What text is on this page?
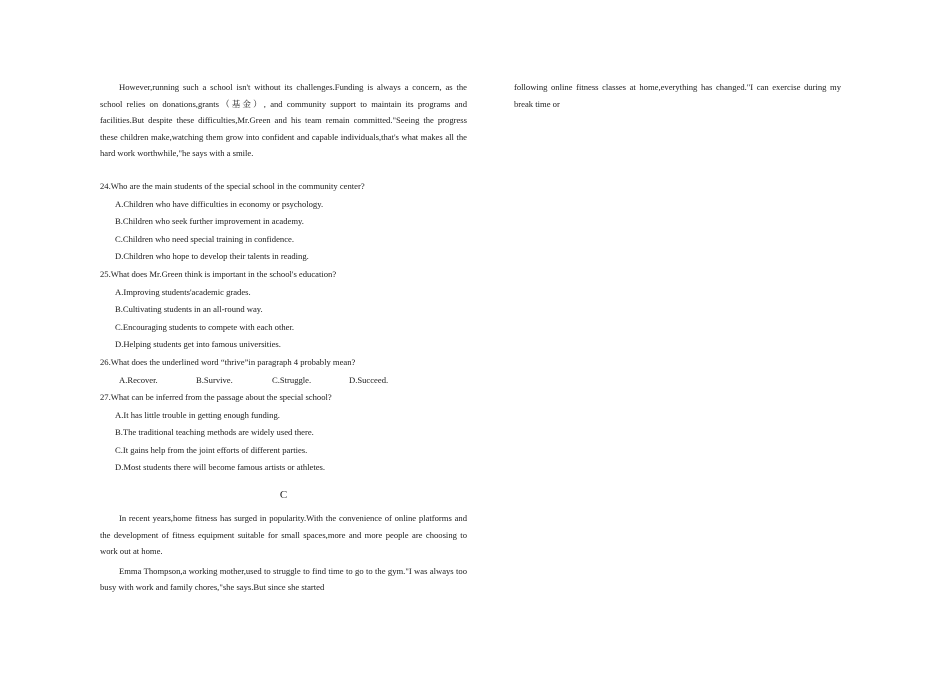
However,running such a school isn't without its challenges.Funding is always a concern, as the school relies on donations,grants（基金）, and community support to maintain its programs and facilities.But despite these difficulties,Mr.Green and his team remain committed."Seeing the progress these children make,watching them grow into confident and capable individuals,that's what makes all the hard work worthwhile,"he says with a smile.

24.Who are the main students of the special school in the community center?

A.Children who have difficulties in economy or psychology.

B.Children who seek further improvement in academy.

C.Children who need special training in confidence.

D.Children who hope to develop their talents in reading.

25.What does Mr.Green think is important in the school's education?

A.Improving students'academic grades.

B.Cultivating students in an all-round way.

C.Encouraging students to compete with each other.

D.Helping students get into famous universities.

26.What does the underlined word “thrive”in paragraph 4 probably mean?

A.Recover.	B.Survive.	C.Struggle.	D.Succeed.

27.What can be inferred from the passage about the special school?

A.It has little trouble in getting enough funding.

B.The traditional teaching methods are widely used there.

C.It gains help from the joint efforts of different parties.

D.Most students there will become famous artists or athletes.

C

In recent years,home fitness has surged in popularity.With the convenience of online platforms and the development of fitness equipment suitable for small spaces,more and more people are choosing to work out at home.

Emma Thompson,a working mother,used to struggle to find time to go to the gym."I was always too busy with work and family chores,"she says.But since she started

following online fitness classes at home,everything has changed."I can exercise during my break time or
